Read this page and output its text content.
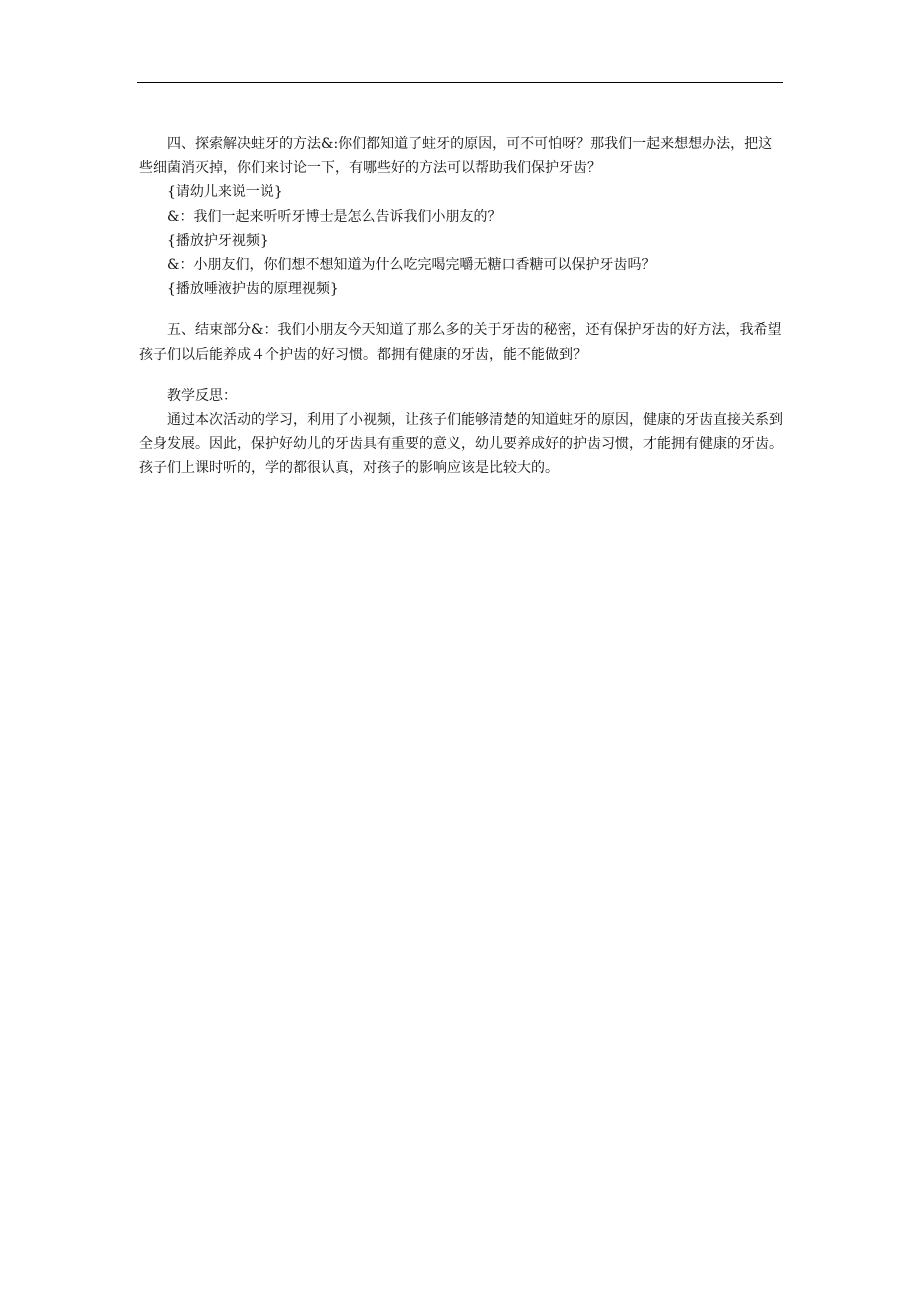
四、探索解决蛀牙的方法&:你们都知道了蛀牙的原因，可不可怕呀？那我们一起来想想办法，把这些细菌消灭掉，你们来讨论一下，有哪些好的方法可以帮助我们保护牙齿？

{请幼儿来说一说}

&：我们一起来听听牙博士是怎么告诉我们小朋友的？

{播放护牙视频}

&：小朋友们，你们想不想知道为什么吃完喝完嚼无糖口香糖可以保护牙齿吗？

{播放唾液护齿的原理视频}

五、结束部分&：我们小朋友今天知道了那么多的关于牙齿的秘密，还有保护牙齿的好方法，我希望孩子们以后能养成４个护齿的好习惯。都拥有健康的牙齿，能不能做到？

教学反思：

通过本次活动的学习，利用了小视频，让孩子们能够清楚的知道蛀牙的原因，健康的牙齿直接关系到全身发展。因此，保护好幼儿的牙齿具有重要的意义，幼儿要养成好的护齿习惯，才能拥有健康的牙齿。孩子们上课时听的，学的都很认真，对孩子的影响应该是比较大的。
